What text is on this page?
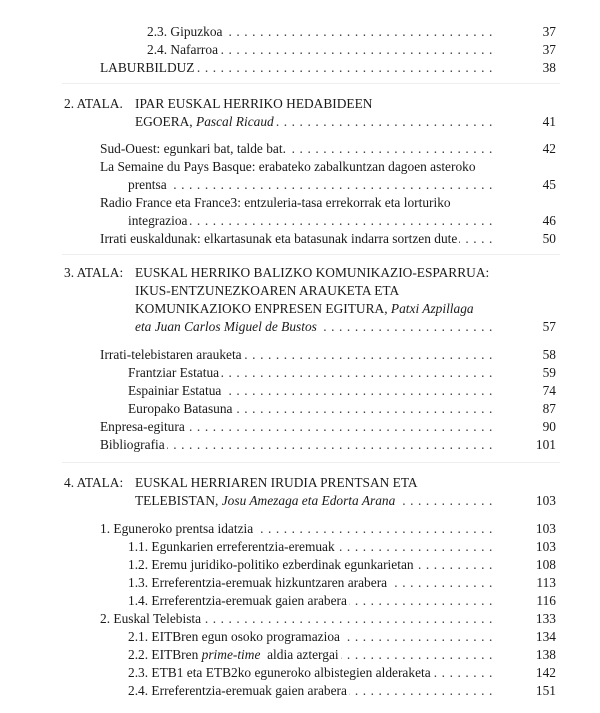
2.3. Gipuzkoa . . .	37
2.4. Nafarroa . . .	37
LABURBILDUZ . . .	38
2. ATALA. IPAR EUSKAL HERRIKO HEDABIDEEN
EGOERA, Pascal Ricaud . . .	41
Sud-Ouest: egunkari bat, talde bat. . . .	42
La Semaine du Pays Basque: erabateko zabalkuntzan dagoen asteroko
prentsa . . .	45
Radio France eta France3: entzuleria-tasa errekorrak eta lorturiko
integrazioa . . .	46
Irrati euskaldunak: elkartasunak eta batasunak indarra sortzen dute . . .	50
3. ATALA: EUSKAL HERRIKO BALIZKO KOMUNIKAZIO-ESPARRUA:
IKUS-ENTZUNEZKOAREN ARAUKETA ETA
KOMUNIKAZIOKO ENPRESEN EGITURA, Patxi Azpillaga
eta Juan Carlos Miguel de Bustos . . .	57
Irrati-telebistaren arauketa . . .	58
Frantziar Estatua . . .	59
Espainiar Estatua . . .	74
Europako Batasuna . . .	87
Enpresa-egitura . . .	90
Bibliografia . . .	101
4. ATALA: EUSKAL HERRIAREN IRUDIA PRENTSAN ETA
TELEBISTAN, Josu Amezaga eta Edorta Arana . . .	103
1. Eguneroko prentsa idatzia . . .	103
1.1. Egunkarien erreferentzia-eremuak . . .	103
1.2. Eremu juridiko-politiko ezberdinak egunkarietan . . .	108
1.3. Erreferentzia-eremuak hizkuntzaren arabera . . .	113
1.4. Erreferentzia-eremuak gaien arabera . . .	116
2. Euskal Telebista . . .	133
2.1. EITBren egun osoko programazioa . . .	134
2.2. EITBren prime-time aldia aztergai . . .	138
2.3. ETB1 eta ETB2ko eguneroko albistegien alderaketa . . .	142
2.4. Erreferentzia-eremuak gaien arabera . . .	151
